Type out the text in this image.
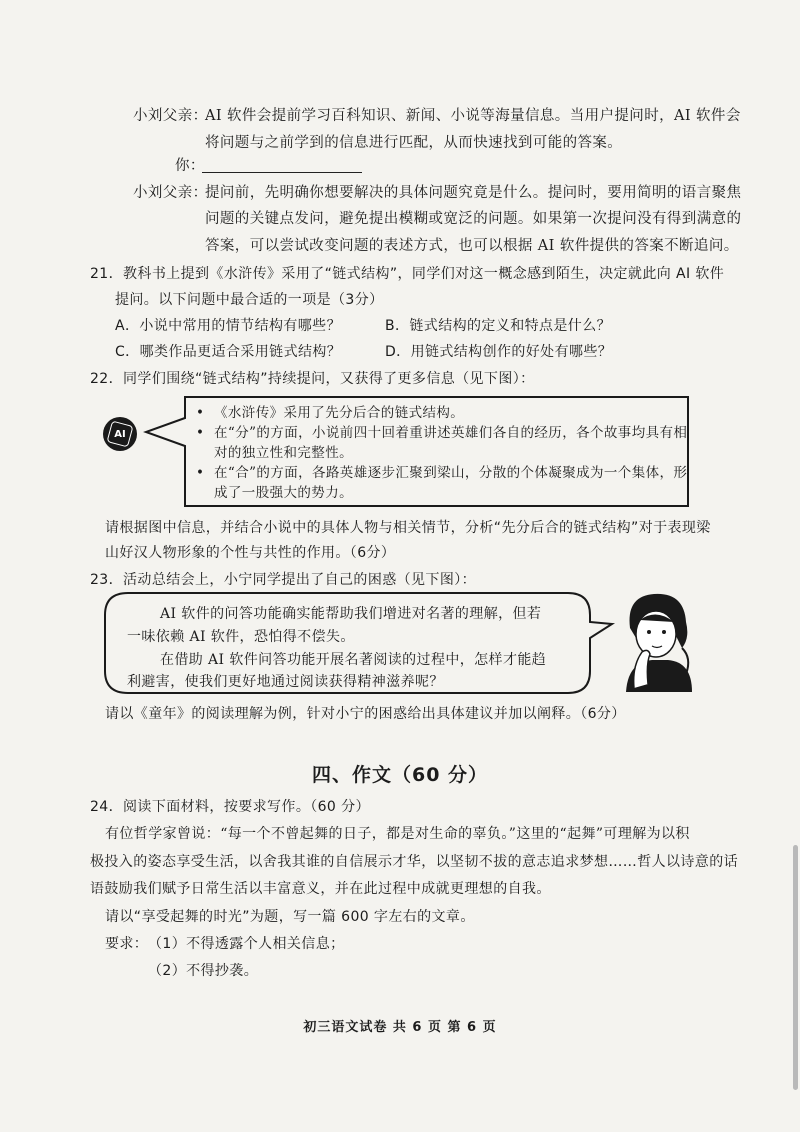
小刘父亲：
AI 软件会提前学习百科知识、新闻、小说等海量信息。当用户提问时，AI 软件会
将问题与之前学到的信息进行匹配，从而快速找到可能的答案。
你：
小刘父亲：
提问前，先明确你想要解决的具体问题究竟是什么。提问时，要用简明的语言聚焦
问题的关键点发问，避免提出模糊或宽泛的问题。如果第一次提问没有得到满意的
答案，可以尝试改变问题的表述方式，也可以根据 AI 软件提供的答案不断追问。
21．教科书上提到《水浒传》采用了“链式结构”，同学们对这一概念感到陌生，决定就此向 AI 软件
提问。以下问题中最合适的一项是（3分）
A．小说中常用的情节结构有哪些？	B．链式结构的定义和特点是什么？
C．哪类作品更适合采用链式结构？	D．用链式结构创作的好处有哪些？
22．同学们围绕“链式结构”持续提问，又获得了更多信息（见下图）：
AI
• 《水浒传》采用了先分后合的链式结构。
• 在“分”的方面，小说前四十回着重讲述英雄们各自的经历，各个故事均具有相
对的独立性和完整性。
• 在“合”的方面，各路英雄逐步汇聚到梁山，分散的个体凝聚成为一个集体，形
成了一股强大的势力。
请根据图中信息，并结合小说中的具体人物与相关情节，分析“先分后合的链式结构”对于表现梁
山好汉人物形象的个性与共性的作用。（6分）
23．活动总结会上，小宁同学提出了自己的困惑（见下图）：
AI 软件的问答功能确实能帮助我们增进对名著的理解，但若
一味依赖 AI 软件，恐怕得不偿失。
在借助 AI 软件问答功能开展名著阅读的过程中，怎样才能趋
利避害，使我们更好地通过阅读获得精神滋养呢？
请以《童年》的阅读理解为例，针对小宁的困惑给出具体建议并加以阐释。（6分）
四、作文（60 分）
24．阅读下面材料，按要求写作。（60 分）
有位哲学家曾说：“每一个不曾起舞的日子，都是对生命的辜负。”这里的“起舞”可理解为以积
极投入的姿态享受生活，以舍我其谁的自信展示才华，以坚韧不拔的意志追求梦想……哲人以诗意的话
语鼓励我们赋予日常生活以丰富意义，并在此过程中成就更理想的自我。
请以“享受起舞的时光”为题，写一篇 600 字左右的文章。
要求： （1）不得透露个人相关信息；
（2）不得抄袭。
初三语文试卷 共 6 页 第 6 页
